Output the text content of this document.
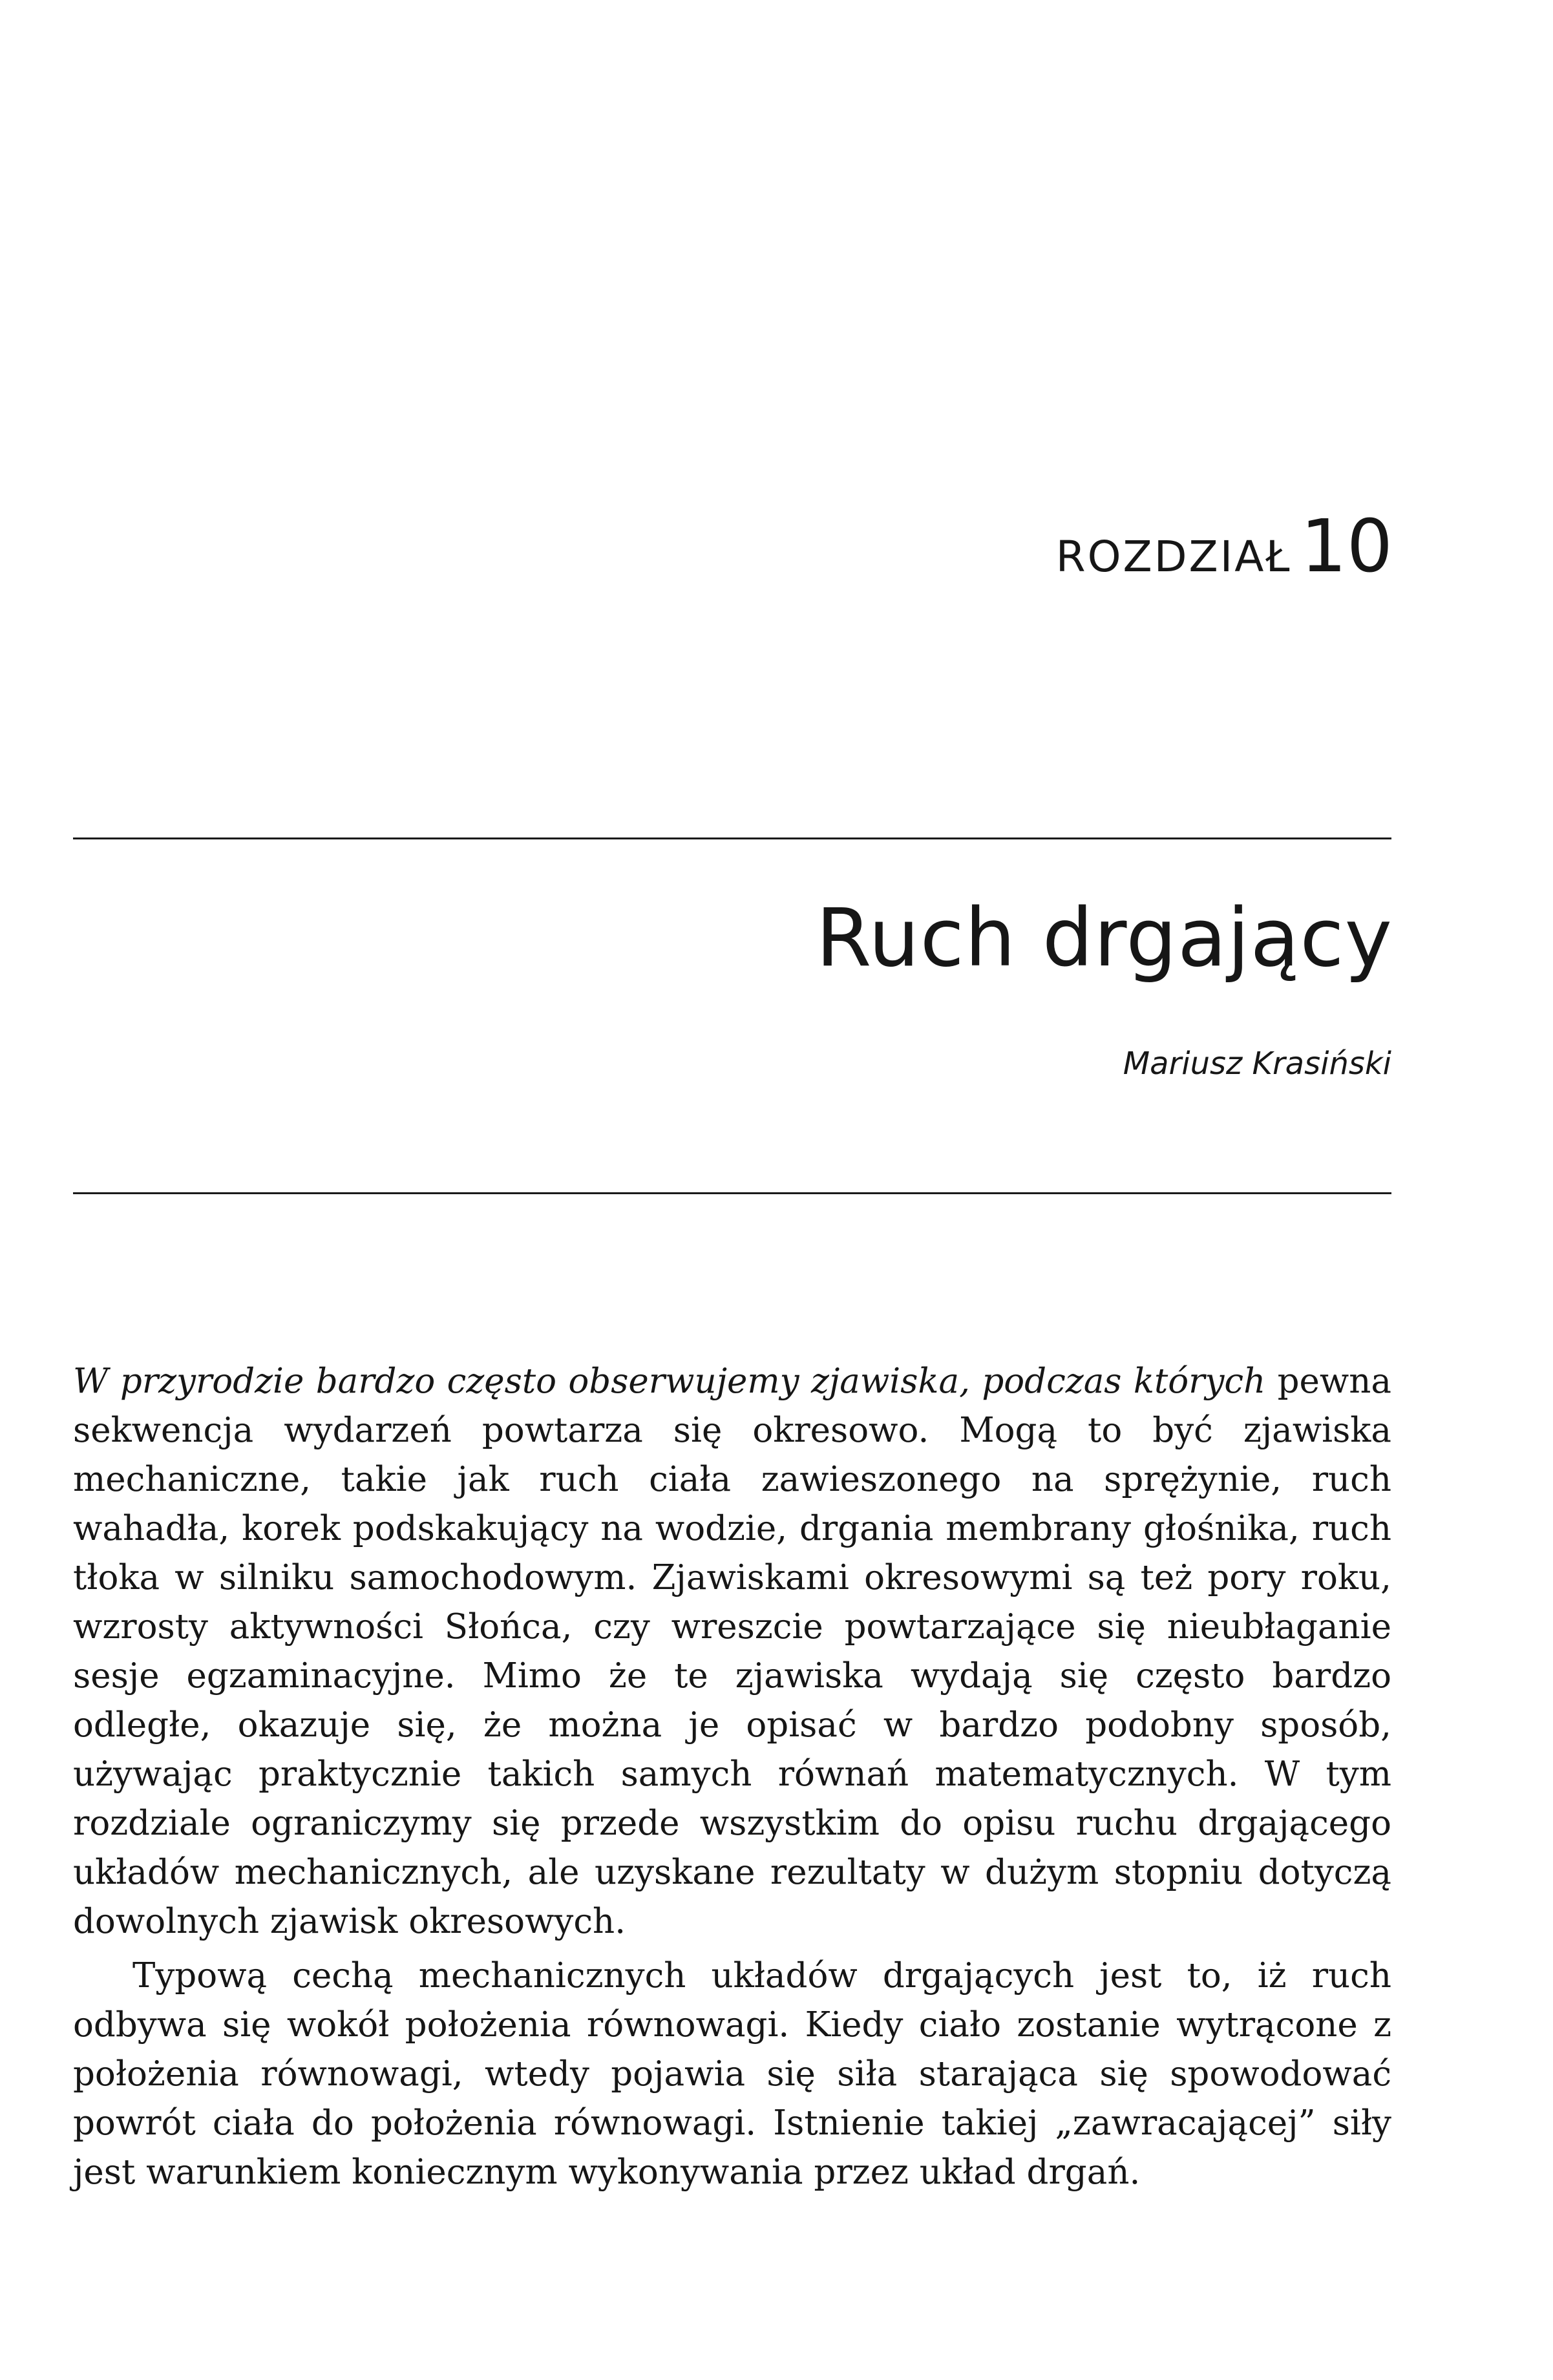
ROZDZIAŁ 10
Ruch drgający
Mariusz Krasiński

W przyrodzie bardzo często obserwujemy zjawiska, podczas których pewna sekwencja wydarzeń powtarza się okresowo. Mogą to być zjawiska mechaniczne, takie jak ruch ciała zawieszonego na sprężynie, ruch wahadła, korek podskakujący na wodzie, drgania membrany głośnika, ruch tłoka w silniku samochodowym. Zjawiskami okresowymi są też pory roku, wzrosty aktywności Słońca, czy wreszcie powtarzające się nieubłaganie sesje egzaminacyjne. Mimo że te zjawiska wydają się często bardzo odległe, okazuje się, że można je opisać w bardzo podobny sposób, używając praktycznie takich samych równań matematycznych. W tym rozdziale ograniczymy się przede wszystkim do opisu ruchu drgającego układów mechanicznych, ale uzyskane rezultaty w dużym stopniu dotyczą dowolnych zjawisk okresowych.

Typową cechą mechanicznych układów drgających jest to, iż ruch odbywa się wokół położenia równowagi. Kiedy ciało zostanie wytrącone z położenia równowagi, wtedy pojawia się siła starająca się spowodować powrót ciała do położenia równowagi. Istnienie takiej „zawracającej” siły jest warunkiem koniecznym wykonywania przez układ drgań.
